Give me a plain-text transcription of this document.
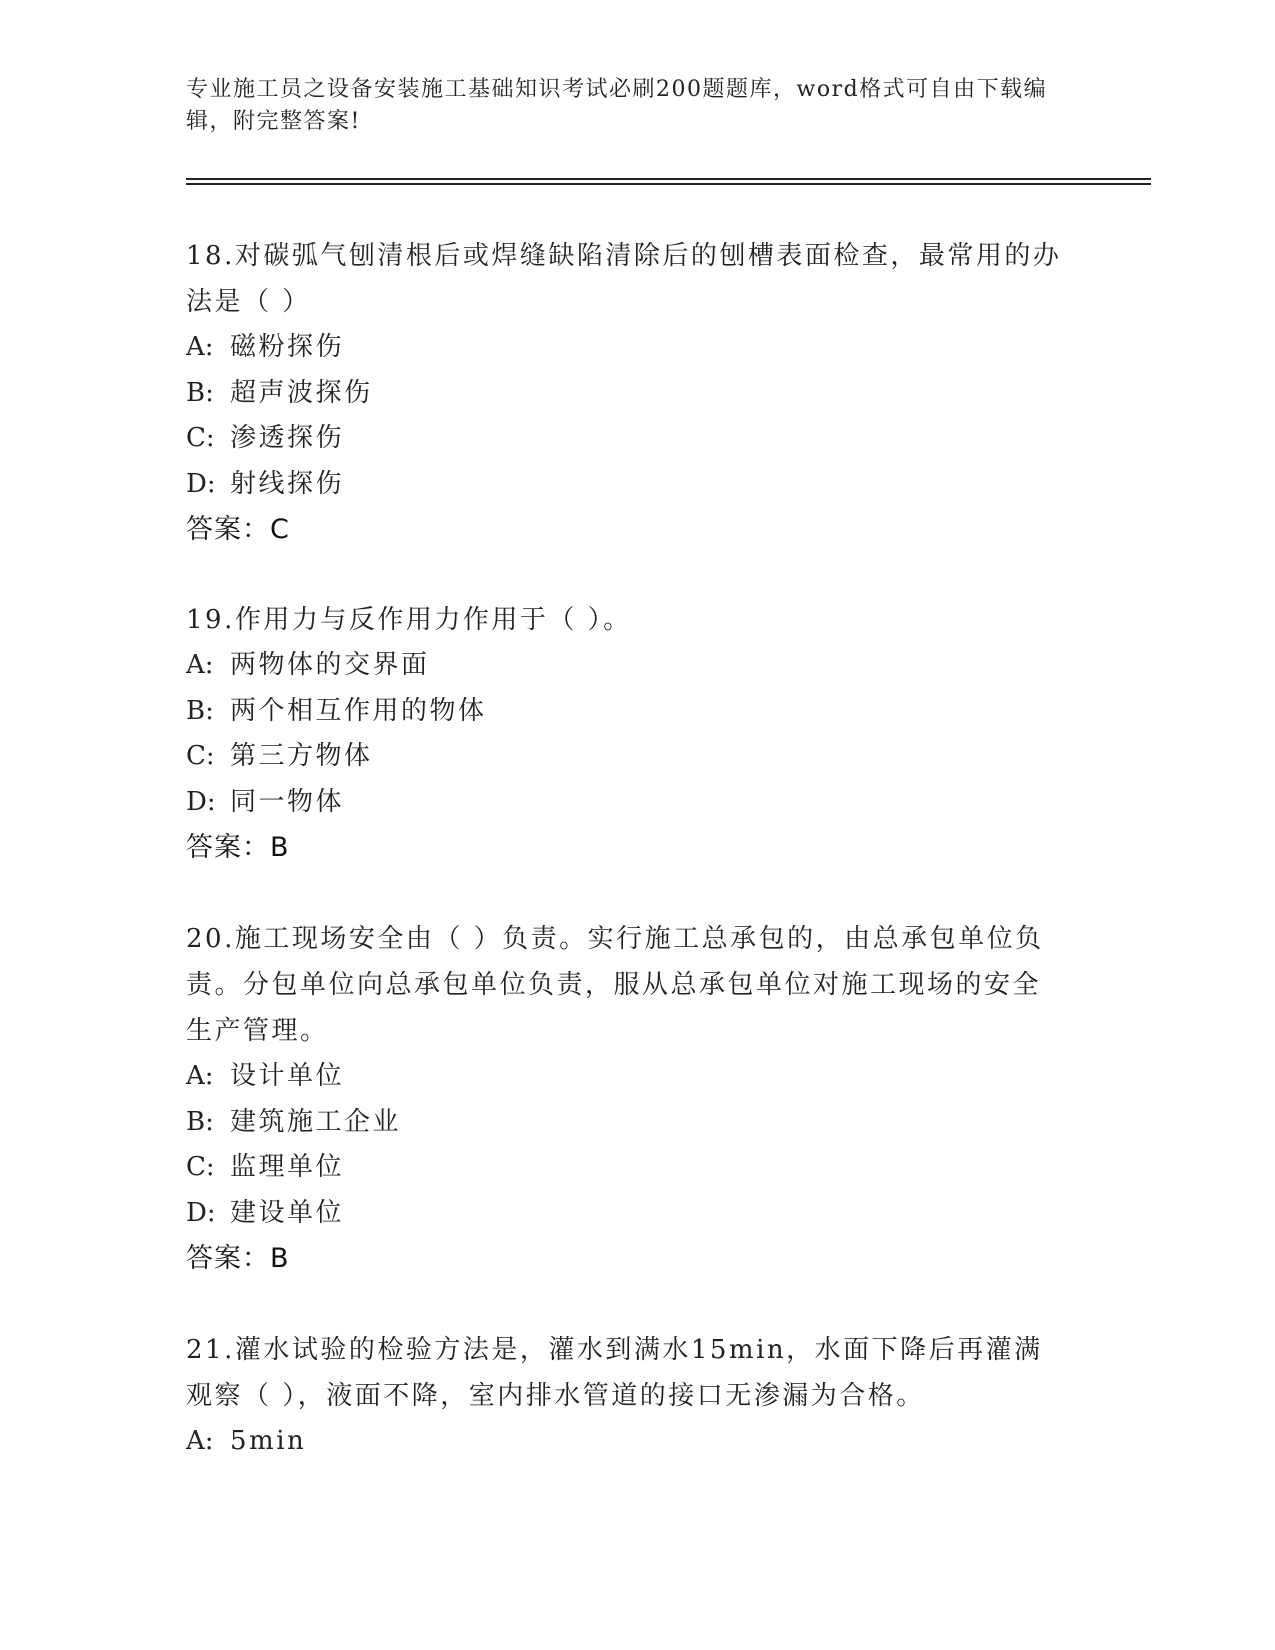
专业施工员之设备安装施工基础知识考试必刷200题题库，word格式可自由下载编辑，附完整答案!

18.对碳弧气刨清根后或焊缝缺陷清除后的刨槽表面检查，最常用的办法是（ ）

A: 磁粉探伤

B: 超声波探伤

C: 渗透探伤

D: 射线探伤

答案：C

19.作用力与反作用力作用于（ ）。

A: 两物体的交界面

B: 两个相互作用的物体

C: 第三方物体

D: 同一物体

答案：B

20.施工现场安全由（ ）负责。实行施工总承包的，由总承包单位负责。分包单位向总承包单位负责，服从总承包单位对施工现场的安全生产管理。

A: 设计单位

B: 建筑施工企业

C: 监理单位

D: 建设单位

答案：B

21.灌水试验的检验方法是，灌水到满水15min，水面下降后再灌满观察（ ），液面不降，室内排水管道的接口无渗漏为合格。

A: 5min
